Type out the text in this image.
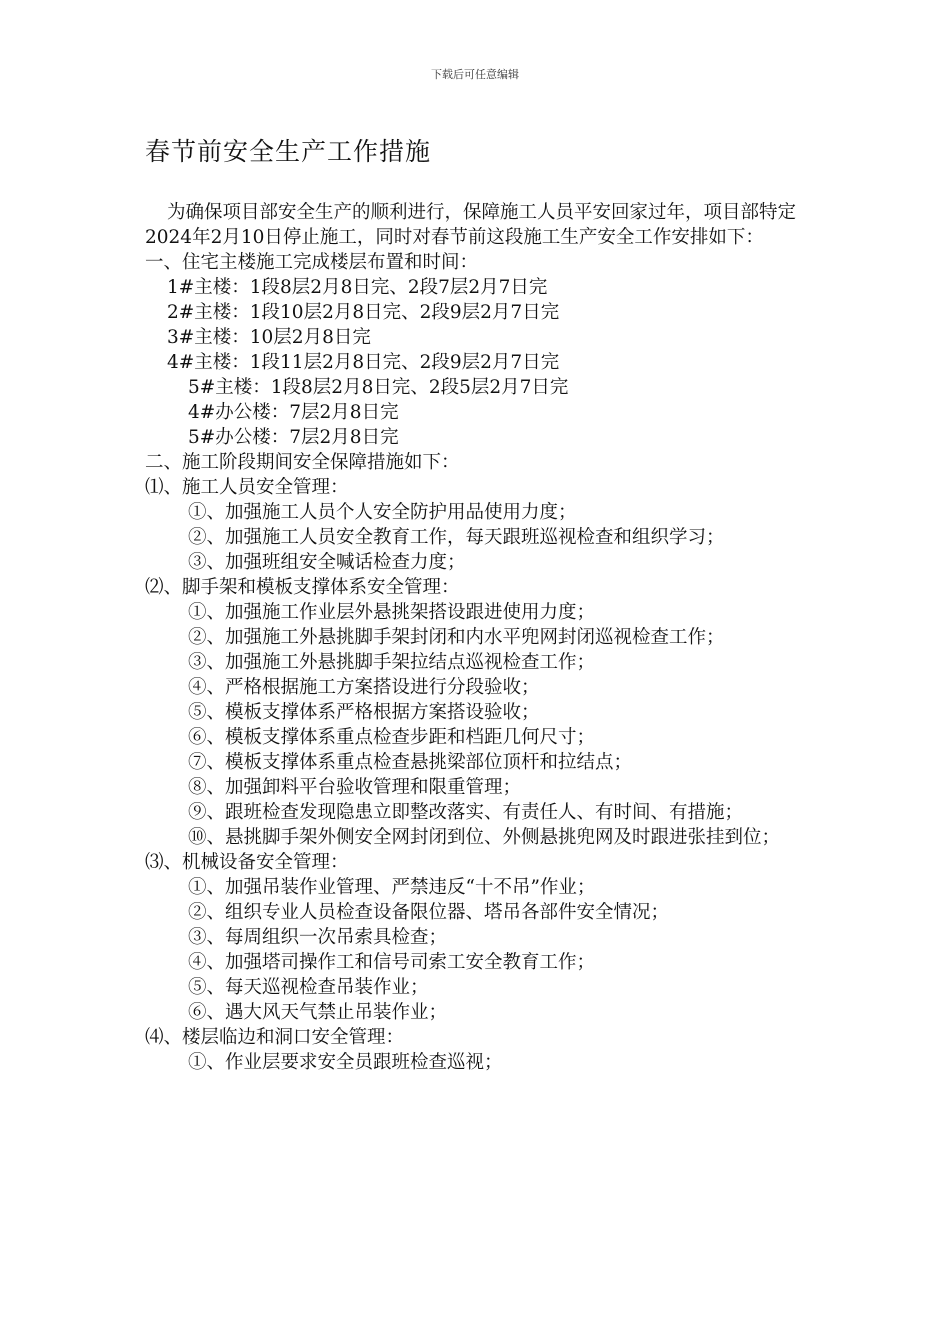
下载后可任意编辑
春节前安全生产工作措施
为确保项目部安全生产的顺利进行，保障施工人员平安回家过年，项目部特定2024年2月10日停止施工，同时对春节前这段施工生产安全工作安排如下：
一、住宅主楼施工完成楼层布置和时间：
1#主楼：1段8层2月8日完、2段7层2月7日完
2#主楼：1段10层2月8日完、2段9层2月7日完
3#主楼：10层2月8日完
4#主楼：1段11层2月8日完、2段9层2月7日完
5#主楼：1段8层2月8日完、2段5层2月7日完
4#办公楼：7层2月8日完
5#办公楼：7层2月8日完
二、施工阶段期间安全保障措施如下：
⑴、施工人员安全管理：
①、加强施工人员个人安全防护用品使用力度；
②、加强施工人员安全教育工作，每天跟班巡视检查和组织学习；
③、加强班组安全喊话检查力度；
⑵、脚手架和模板支撑体系安全管理：
①、加强施工作业层外悬挑架搭设跟进使用力度；
②、加强施工外悬挑脚手架封闭和内水平兜网封闭巡视检查工作；
③、加强施工外悬挑脚手架拉结点巡视检查工作；
④、严格根据施工方案搭设进行分段验收；
⑤、模板支撑体系严格根据方案搭设验收；
⑥、模板支撑体系重点检查步距和档距几何尺寸；
⑦、模板支撑体系重点检查悬挑梁部位顶杆和拉结点；
⑧、加强卸料平台验收管理和限重管理；
⑨、跟班检查发现隐患立即整改落实、有责任人、有时间、有措施；
⑩、悬挑脚手架外侧安全网封闭到位、外侧悬挑兜网及时跟进张挂到位；
⑶、机械设备安全管理：
①、加强吊装作业管理、严禁违反“十不吊”作业；
②、组织专业人员检查设备限位器、塔吊各部件安全情况；
③、每周组织一次吊索具检查；
④、加强塔司操作工和信号司索工安全教育工作；
⑤、每天巡视检查吊装作业；
⑥、遇大风天气禁止吊装作业；
⑷、楼层临边和洞口安全管理：
①、作业层要求安全员跟班检查巡视；
